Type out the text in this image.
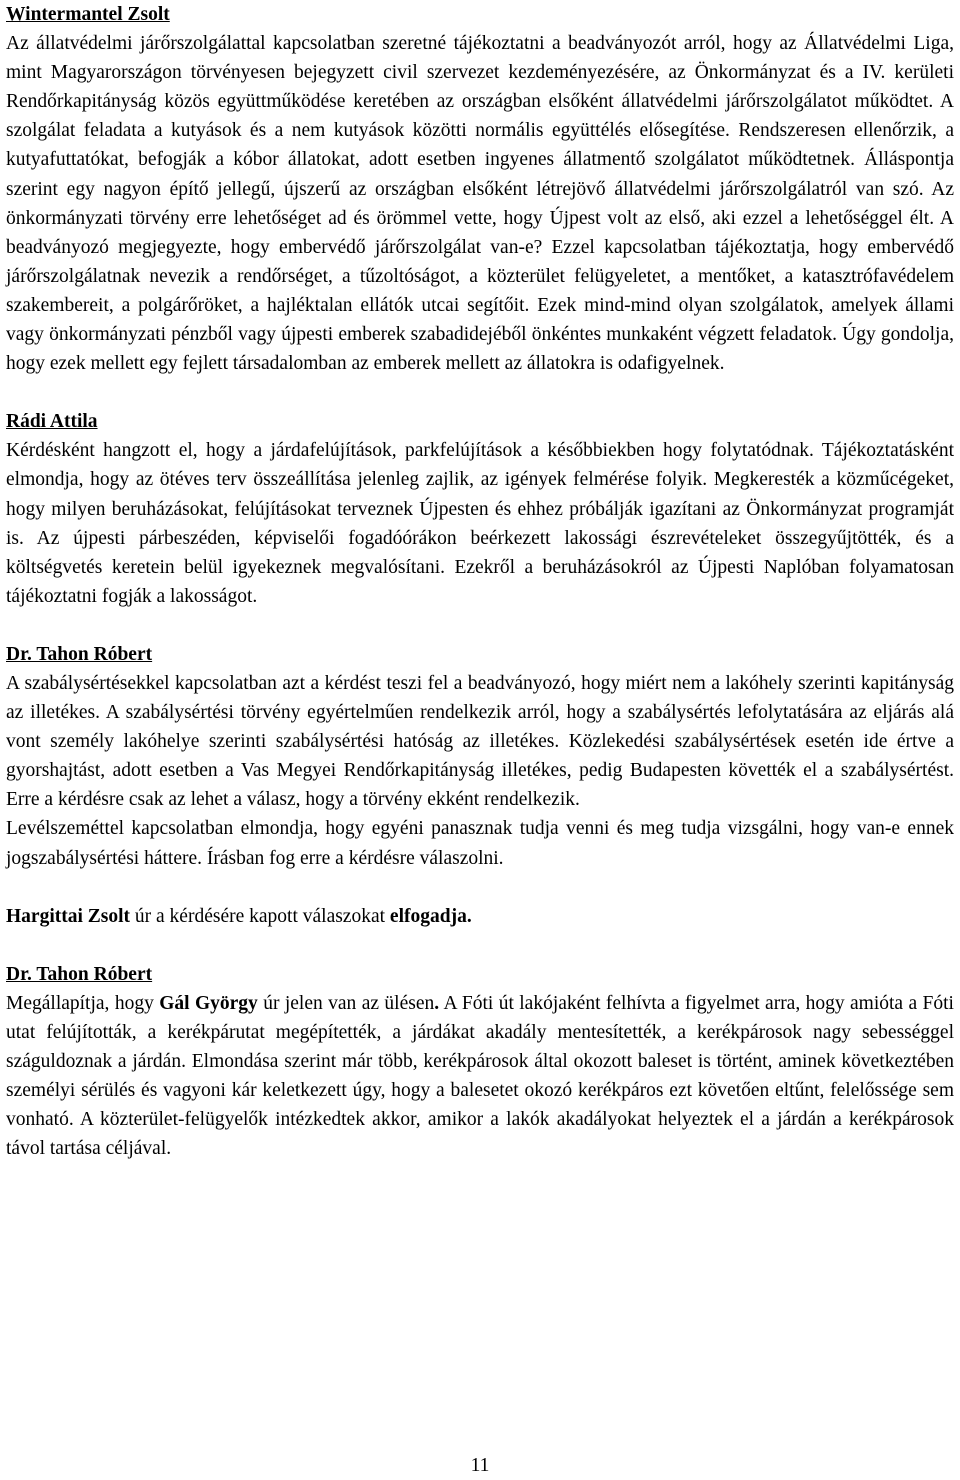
Wintermantel Zsolt

Az állatvédelmi járőrszolgálattal kapcsolatban szeretné tájékoztatni a beadványozót arról, hogy az Állatvédelmi Liga, mint Magyarországon törvényesen bejegyzett civil szervezet kezdeményezésére, az Önkormányzat és a IV. kerületi Rendőrkapitányság közös együttműködése keretében az országban elsőként állatvédelmi járőrszolgálatot működtet. A szolgálat feladata a kutyások és a nem kutyások közötti normális együttélés elősegítése. Rendszeresen ellenőrzik, a kutyafuttatókat, befogják a kóbor állatokat, adott esetben ingyenes állatmentő szolgálatot működtetnek. Álláspontja szerint egy nagyon építő jellegű, újszerű az országban elsőként létrejövő állatvédelmi járőrszolgálatról van szó. Az önkormányzati törvény erre lehetőséget ad és örömmel vette, hogy Újpest volt az első, aki ezzel a lehetőséggel élt. A beadványozó megjegyezte, hogy embervédő járőrszolgálat van-e? Ezzel kapcsolatban tájékoztatja, hogy embervédő járőrszolgálatnak nevezik a rendőrséget, a tűzoltóságot, a közterület felügyeletet, a mentőket, a katasztrófavédelem szakembereit, a polgárőröket, a hajléktalan ellátók utcai segítőit. Ezek mind-mind olyan szolgálatok, amelyek állami vagy önkormányzati pénzből vagy újpesti emberek szabadidejéből önkéntes munkaként végzett feladatok. Úgy gondolja, hogy ezek mellett egy fejlett társadalomban az emberek mellett az állatokra is odafigyelnek.

Rádi Attila

Kérdésként hangzott el, hogy a járdafelújítások, parkfelújítások a későbbiekben hogy folytatódnak. Tájékoztatásként elmondja, hogy az ötéves terv összeállítása jelenleg zajlik, az igények felmérése folyik. Megkeresték a közműcégeket, hogy milyen beruházásokat, felújításokat terveznek Újpesten és ehhez próbálják igazítani az Önkormányzat programját is. Az újpesti párbeszéden, képviselői fogadóórákon beérkezett lakossági észrevételeket összegyűjtötték, és a költségvetés keretein belül igyekeznek megvalósítani. Ezekről a beruházásokról az Újpesti Naplóban folyamatosan tájékoztatni fogják a lakosságot.

Dr. Tahon Róbert

A szabálysértésekkel kapcsolatban azt a kérdést teszi fel a beadványozó, hogy miért nem a lakóhely szerinti kapitányság az illetékes. A szabálysértési törvény egyértelműen rendelkezik arról, hogy a szabálysértés lefolytatására az eljárás alá vont személy lakóhelye szerinti szabálysértési hatóság az illetékes. Közlekedési szabálysértések esetén ide értve a gyorshajtást, adott esetben a Vas Megyei Rendőrkapitányság illetékes, pedig Budapesten követték el a szabálysértést. Erre a kérdésre csak az lehet a válasz, hogy a törvény ekként rendelkezik.

Levélszeméttel kapcsolatban elmondja, hogy egyéni panasznak tudja venni és meg tudja vizsgálni, hogy van-e ennek jogszabálysértési háttere. Írásban fog erre a kérdésre válaszolni.

Hargittai Zsolt úr a kérdésére kapott válaszokat elfogadja.

Dr. Tahon Róbert

Megállapítja, hogy Gál György úr jelen van az ülésen. A Fóti út lakójaként felhívta a figyelmet arra, hogy amióta a Fóti utat felújították, a kerékpárutat megépítették, a járdákat akadály mentesítették, a kerékpárosok nagy sebességgel száguldoznak a járdán. Elmondása szerint már több, kerékpárosok által okozott baleset is történt, aminek következtében személyi sérülés és vagyoni kár keletkezett úgy, hogy a balesetet okozó kerékpáros ezt követően eltűnt, felelőssége sem vonható. A közterület-felügyelők intézkedtek akkor, amikor a lakók akadályokat helyeztek el a járdán a kerékpárosok távol tartása céljával.

11
